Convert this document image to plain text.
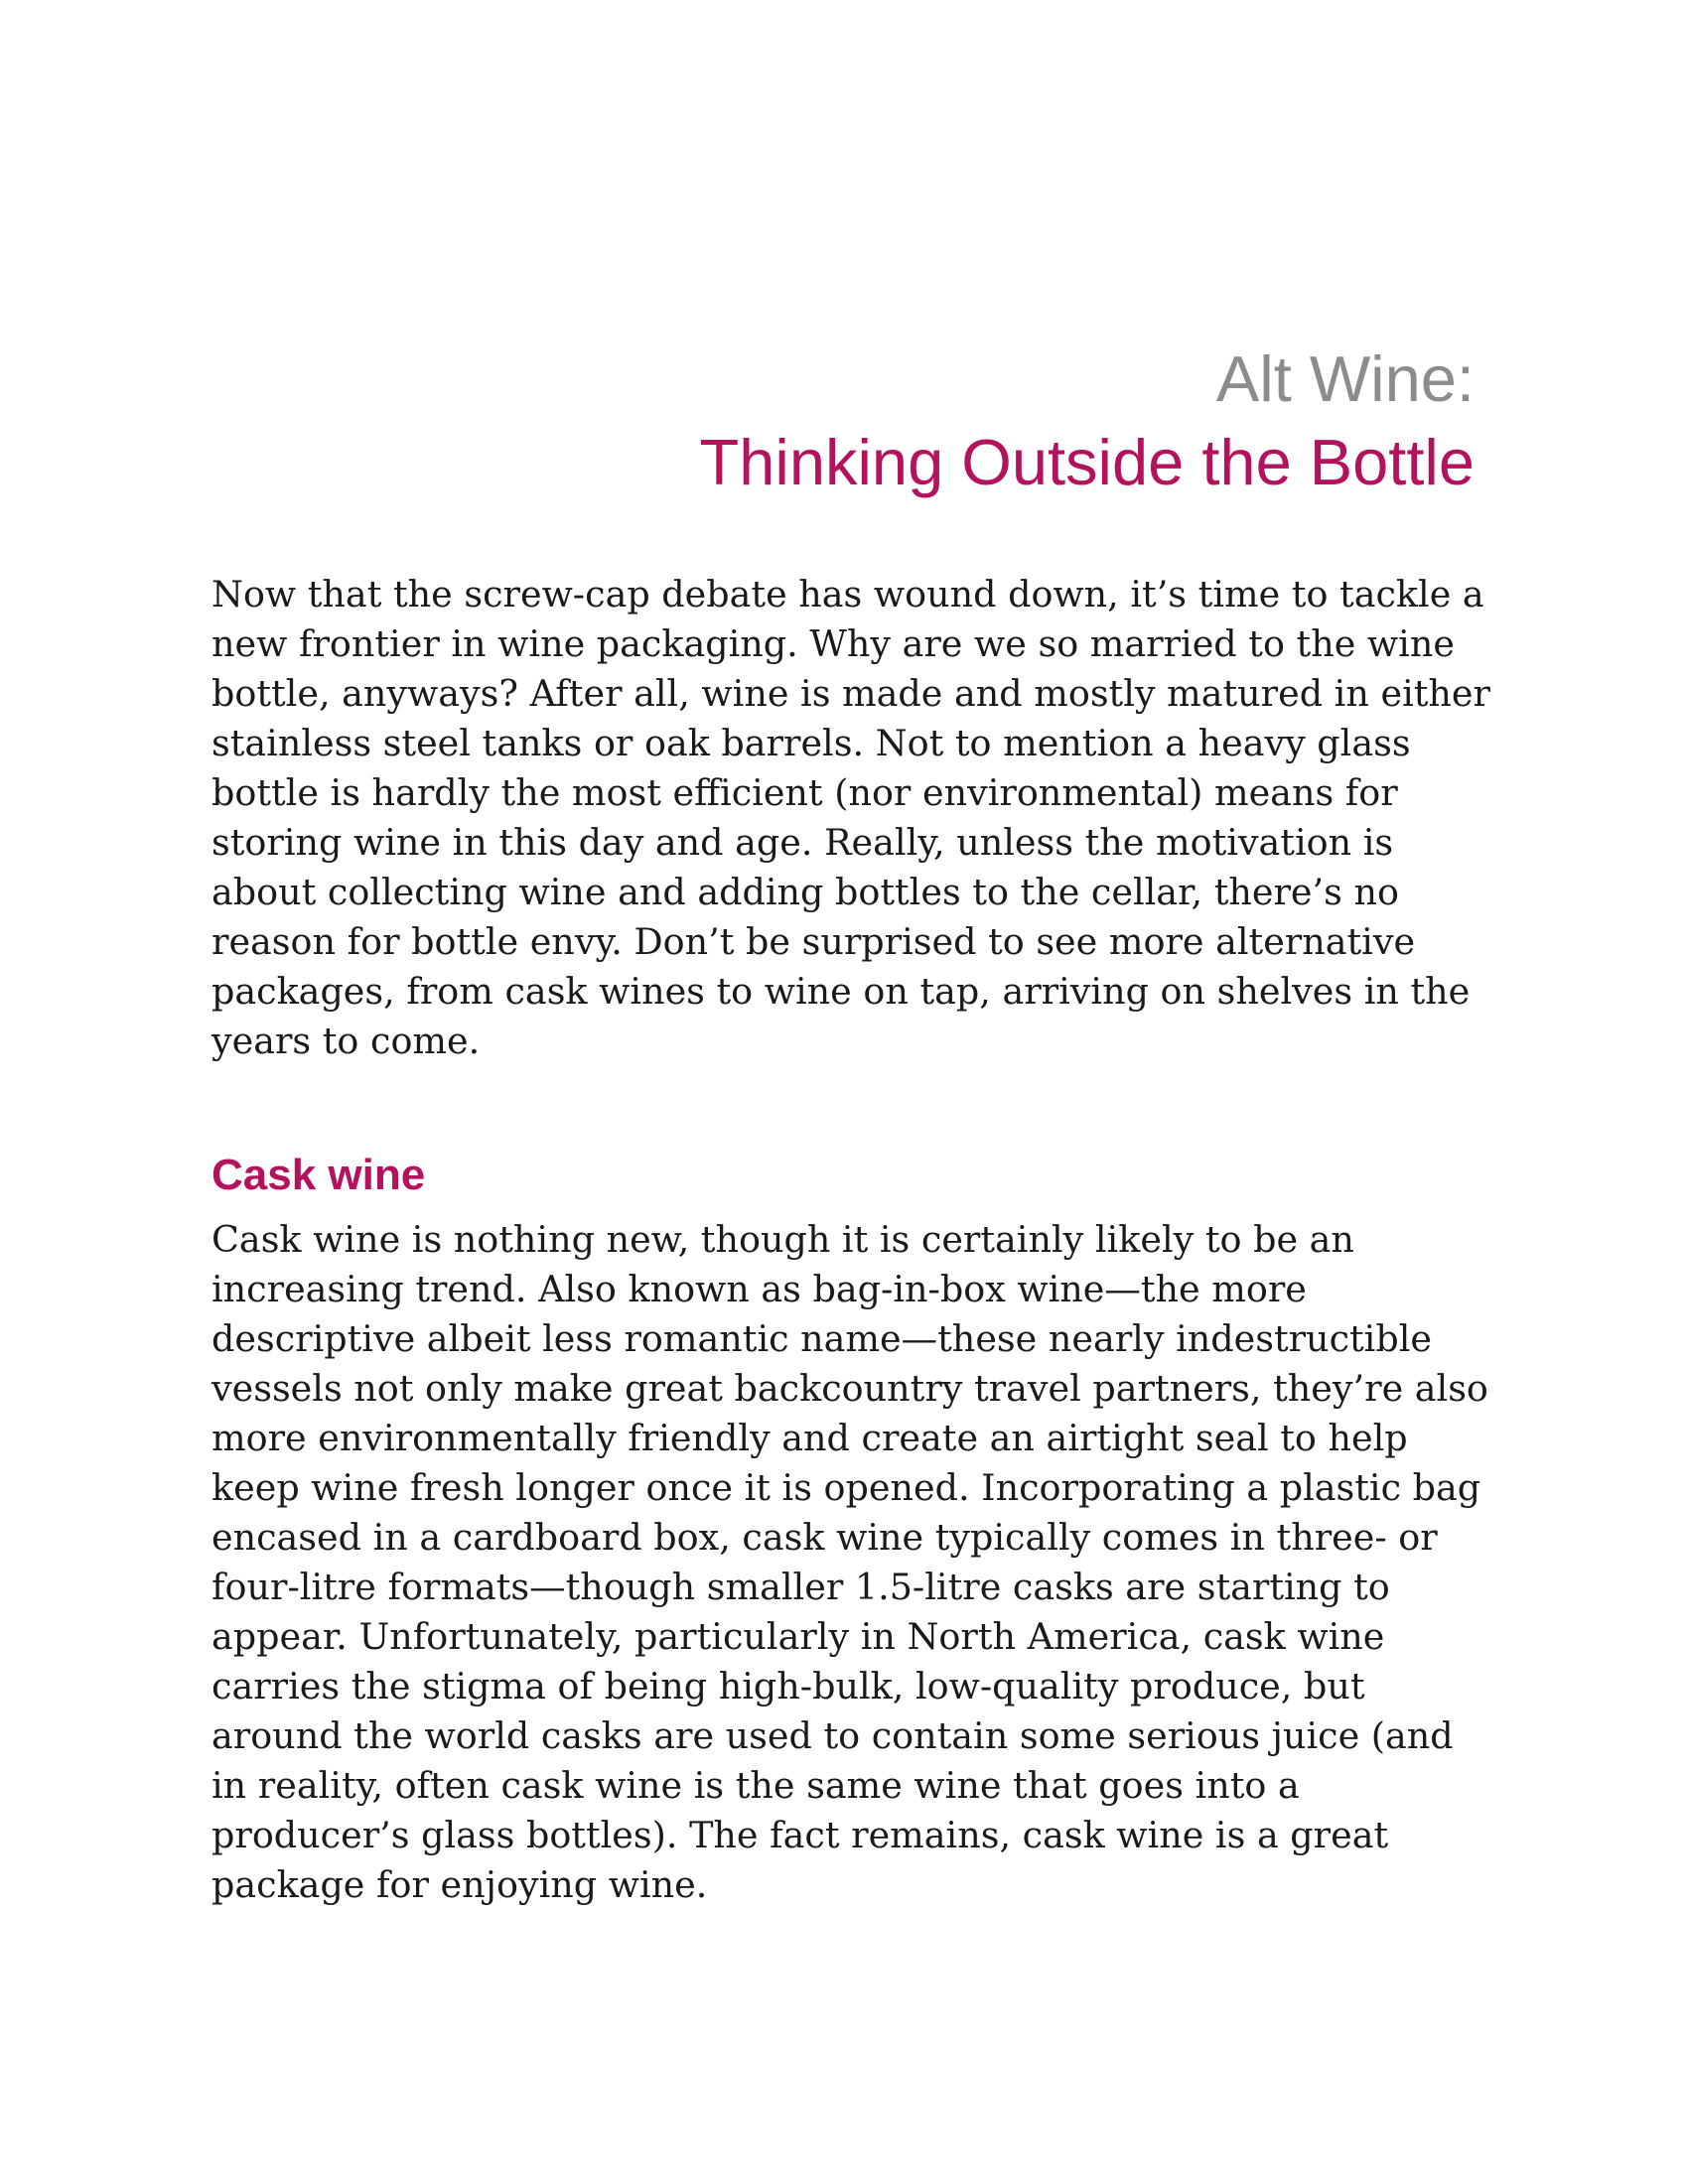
Alt Wine:
Thinking Outside the Bottle

Now that the screw-cap debate has wound down, it’s time to tackle a new frontier in wine packaging. Why are we so married to the wine bottle, anyways? After all, wine is made and mostly matured in either stainless steel tanks or oak barrels. Not to mention a heavy glass bottle is hardly the most efficient (nor environmental) means for storing wine in this day and age. Really, unless the motivation is about collecting wine and adding bottles to the cellar, there’s no reason for bottle envy. Don’t be surprised to see more alternative packages, from cask wines to wine on tap, arriving on shelves in the years to come.

Cask wine

Cask wine is nothing new, though it is certainly likely to be an increasing trend. Also known as bag-in-box wine—the more descriptive albeit less romantic name—these nearly indestructible vessels not only make great backcountry travel partners, they’re also more environmentally friendly and create an airtight seal to help keep wine fresh longer once it is opened. Incorporating a plastic bag encased in a cardboard box, cask wine typically comes in three- or four-litre formats—though smaller 1.5-litre casks are starting to appear. Unfortunately, particularly in North America, cask wine carries the stigma of being high-bulk, low-quality produce, but around the world casks are used to contain some serious juice (and in reality, often cask wine is the same wine that goes into a producer’s glass bottles). The fact remains, cask wine is a great package for enjoying wine.
